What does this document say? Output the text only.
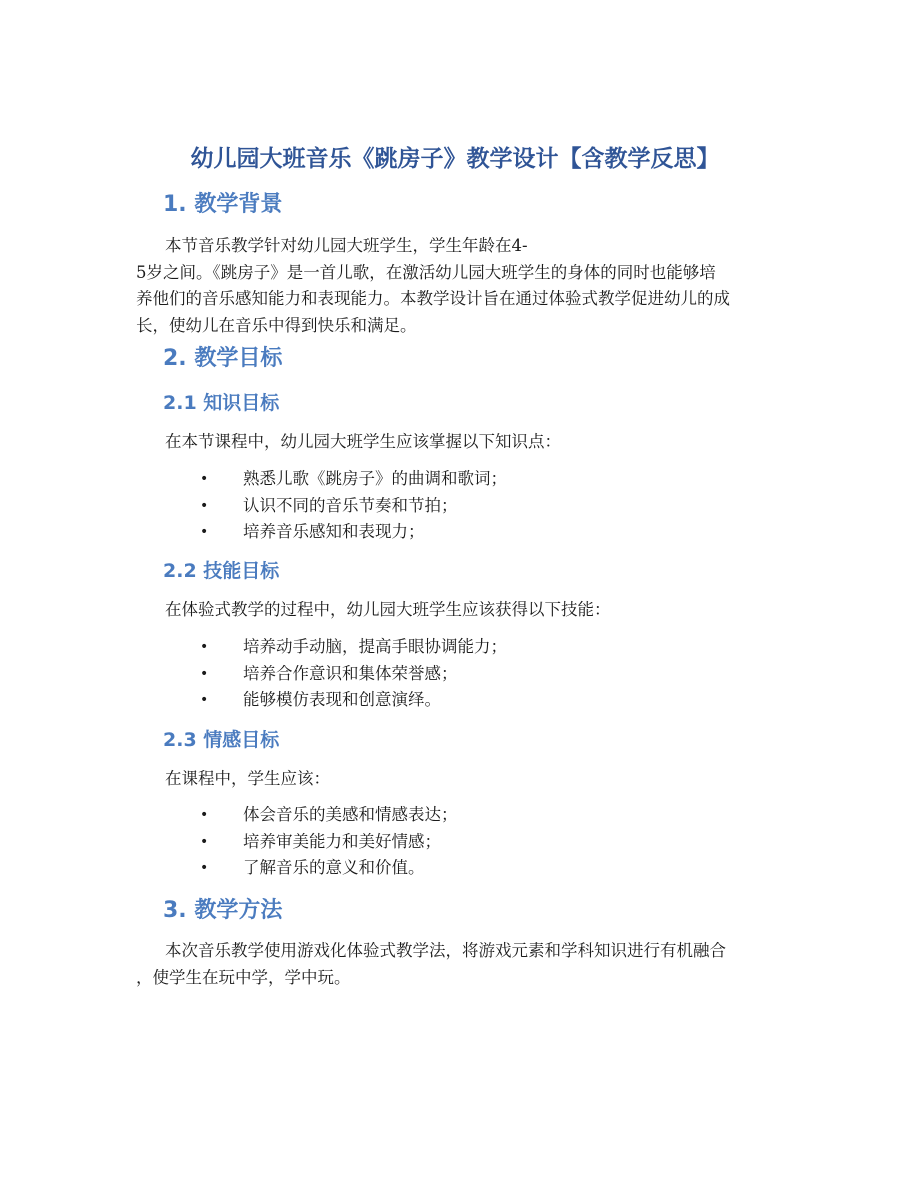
幼儿园大班音乐《跳房子》教学设计【含教学反思】
1. 教学背景

本节音乐教学针对幼儿园大班学生，学生年龄在4-
5岁之间。《跳房子》是一首儿歌，在激活幼儿园大班学生的身体的同时也能够培
养他们的音乐感知能力和表现能力。本教学设计旨在通过体验式教学促进幼儿的成
长，使幼儿在音乐中得到快乐和满足。

2. 教学目标
2.1 知识目标

在本节课程中，幼儿园大班学生应该掌握以下知识点：

• 熟悉儿歌《跳房子》的曲调和歌词；
• 认识不同的音乐节奏和节拍；
• 培养音乐感知和表现力；
2.2 技能目标

在体验式教学的过程中，幼儿园大班学生应该获得以下技能：

• 培养动手动脑，提高手眼协调能力；
• 培养合作意识和集体荣誉感；
• 能够模仿表现和创意演绎。
2.3 情感目标

在课程中，学生应该：

• 体会音乐的美感和情感表达；
• 培养审美能力和美好情感；
• 了解音乐的意义和价值。
3. 教学方法

本次音乐教学使用游戏化体验式教学法，将游戏元素和学科知识进行有机融合
，使学生在玩中学，学中玩。
